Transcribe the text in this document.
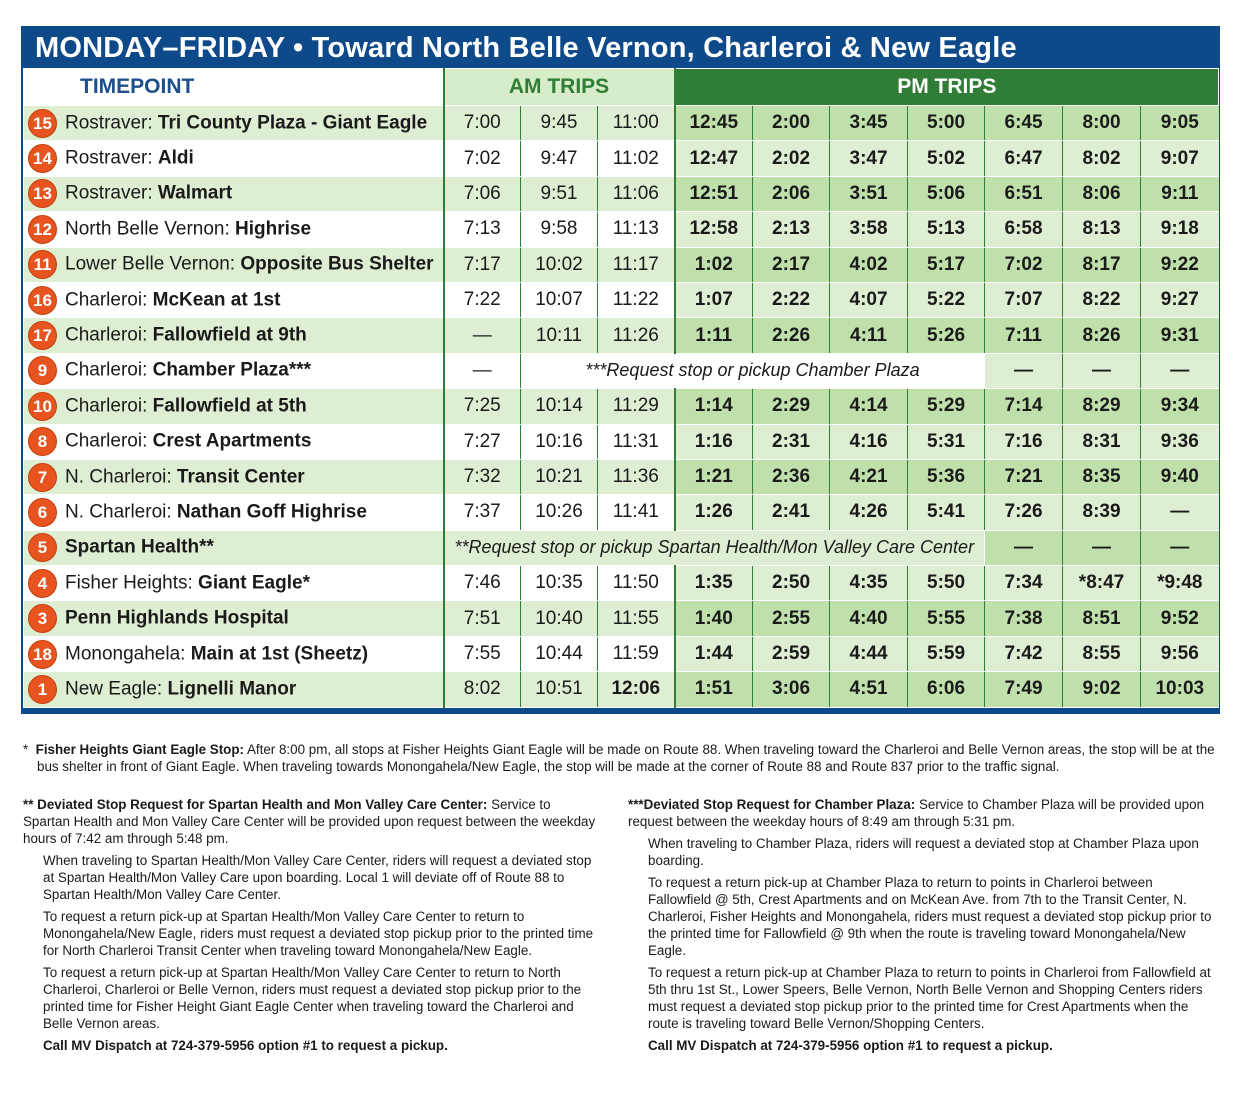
MONDAY–FRIDAY • Toward North Belle Vernon, Charleroi & New Eagle
TIMEPOINT	AM TRIPS			PM TRIPS						
15 Rostraver: Tri County Plaza - Giant Eagle	7:00	9:45	11:00	12:45	2:00	3:45	5:00	6:45	8:00	9:05
14 Rostraver: Aldi	7:02	9:47	11:02	12:47	2:02	3:47	5:02	6:47	8:02	9:07
13 Rostraver: Walmart	7:06	9:51	11:06	12:51	2:06	3:51	5:06	6:51	8:06	9:11
12 North Belle Vernon: Highrise	7:13	9:58	11:13	12:58	2:13	3:58	5:13	6:58	8:13	9:18
11 Lower Belle Vernon: Opposite Bus Shelter	7:17	10:02	11:17	1:02	2:17	4:02	5:17	7:02	8:17	9:22
16 Charleroi: McKean at 1st	7:22	10:07	11:22	1:07	2:22	4:07	5:22	7:07	8:22	9:27
17 Charleroi: Fallowfield at 9th	—	10:11	11:26	1:11	2:26	4:11	5:26	7:11	8:26	9:31
9 Charleroi: Chamber Plaza***	—	***Request stop or pickup Chamber Plaza						—	—	—
10 Charleroi: Fallowfield at 5th	7:25	10:14	11:29	1:14	2:29	4:14	5:29	7:14	8:29	9:34
8 Charleroi: Crest Apartments	7:27	10:16	11:31	1:16	2:31	4:16	5:31	7:16	8:31	9:36
7 N. Charleroi: Transit Center	7:32	10:21	11:36	1:21	2:36	4:21	5:36	7:21	8:35	9:40
6 N. Charleroi: Nathan Goff Highrise	7:37	10:26	11:41	1:26	2:41	4:26	5:41	7:26	8:39	—
5 Spartan Health**	**Request stop or pickup Spartan Health/Mon Valley Care Center							—	—	—
4 Fisher Heights: Giant Eagle*	7:46	10:35	11:50	1:35	2:50	4:35	5:50	7:34	*8:47	*9:48
3 Penn Highlands Hospital	7:51	10:40	11:55	1:40	2:55	4:40	5:55	7:38	8:51	9:52
18 Monongahela: Main at 1st (Sheetz)	7:55	10:44	11:59	1:44	2:59	4:44	5:59	7:42	8:55	9:56
1 New Eagle: Lignelli Manor	8:02	10:51	12:06	1:51	3:06	4:51	6:06	7:49	9:02	10:03
*  Fisher Heights Giant Eagle Stop: After 8:00 pm, all stops at Fisher Heights Giant Eagle will be made on Route 88. When traveling toward the Charleroi and Belle Vernon areas, the stop will be at the bus shelter in front of Giant Eagle. When traveling towards Monongahela/New Eagle, the stop will be made at the corner of Route 88 and Route 837 prior to the traffic signal.

** Deviated Stop Request for Spartan Health and Mon Valley Care Center: Service to Spartan Health and Mon Valley Care Center will be provided upon request between the weekday hours of 7:42 am through 5:48 pm.

When traveling to Spartan Health/Mon Valley Care Center, riders will request a deviated stop at Spartan Health/Mon Valley Care upon boarding. Local 1 will deviate off of Route 88 to Spartan Health/Mon Valley Care Center.

To request a return pick-up at Spartan Health/Mon Valley Care Center to return to Monongahela/New Eagle, riders must request a deviated stop pickup prior to the printed time for North Charleroi Transit Center when traveling toward Monongahela/New Eagle.

To request a return pick-up at Spartan Health/Mon Valley Care Center to return to North Charleroi, Charleroi or Belle Vernon, riders must request a deviated stop pickup prior to the printed time for Fisher Height Giant Eagle Center when traveling toward the Charleroi and Belle Vernon areas.

Call MV Dispatch at 724-379-5956 option #1 to request a pickup.

***Deviated Stop Request for Chamber Plaza: Service to Chamber Plaza will be provided upon request between the weekday hours of 8:49 am through 5:31 pm.

When traveling to Chamber Plaza, riders will request a deviated stop at Chamber Plaza upon boarding.

To request a return pick-up at Chamber Plaza to return to points in Charleroi between Fallowfield @ 5th, Crest Apartments and on McKean Ave. from 7th to the Transit Center, N. Charleroi, Fisher Heights and Monongahela, riders must request a deviated stop pickup prior to the printed time for Fallowfield @ 9th when the route is traveling toward Monongahela/New Eagle.

To request a return pick-up at Chamber Plaza to return to points in Charleroi from Fallowfield at 5th thru 1st St., Lower Speers, Belle Vernon, North Belle Vernon and Shopping Centers riders must request a deviated stop pickup prior to the printed time for Crest Apartments when the route is traveling toward Belle Vernon/Shopping Centers.

Call MV Dispatch at 724-379-5956 option #1 to request a pickup.
